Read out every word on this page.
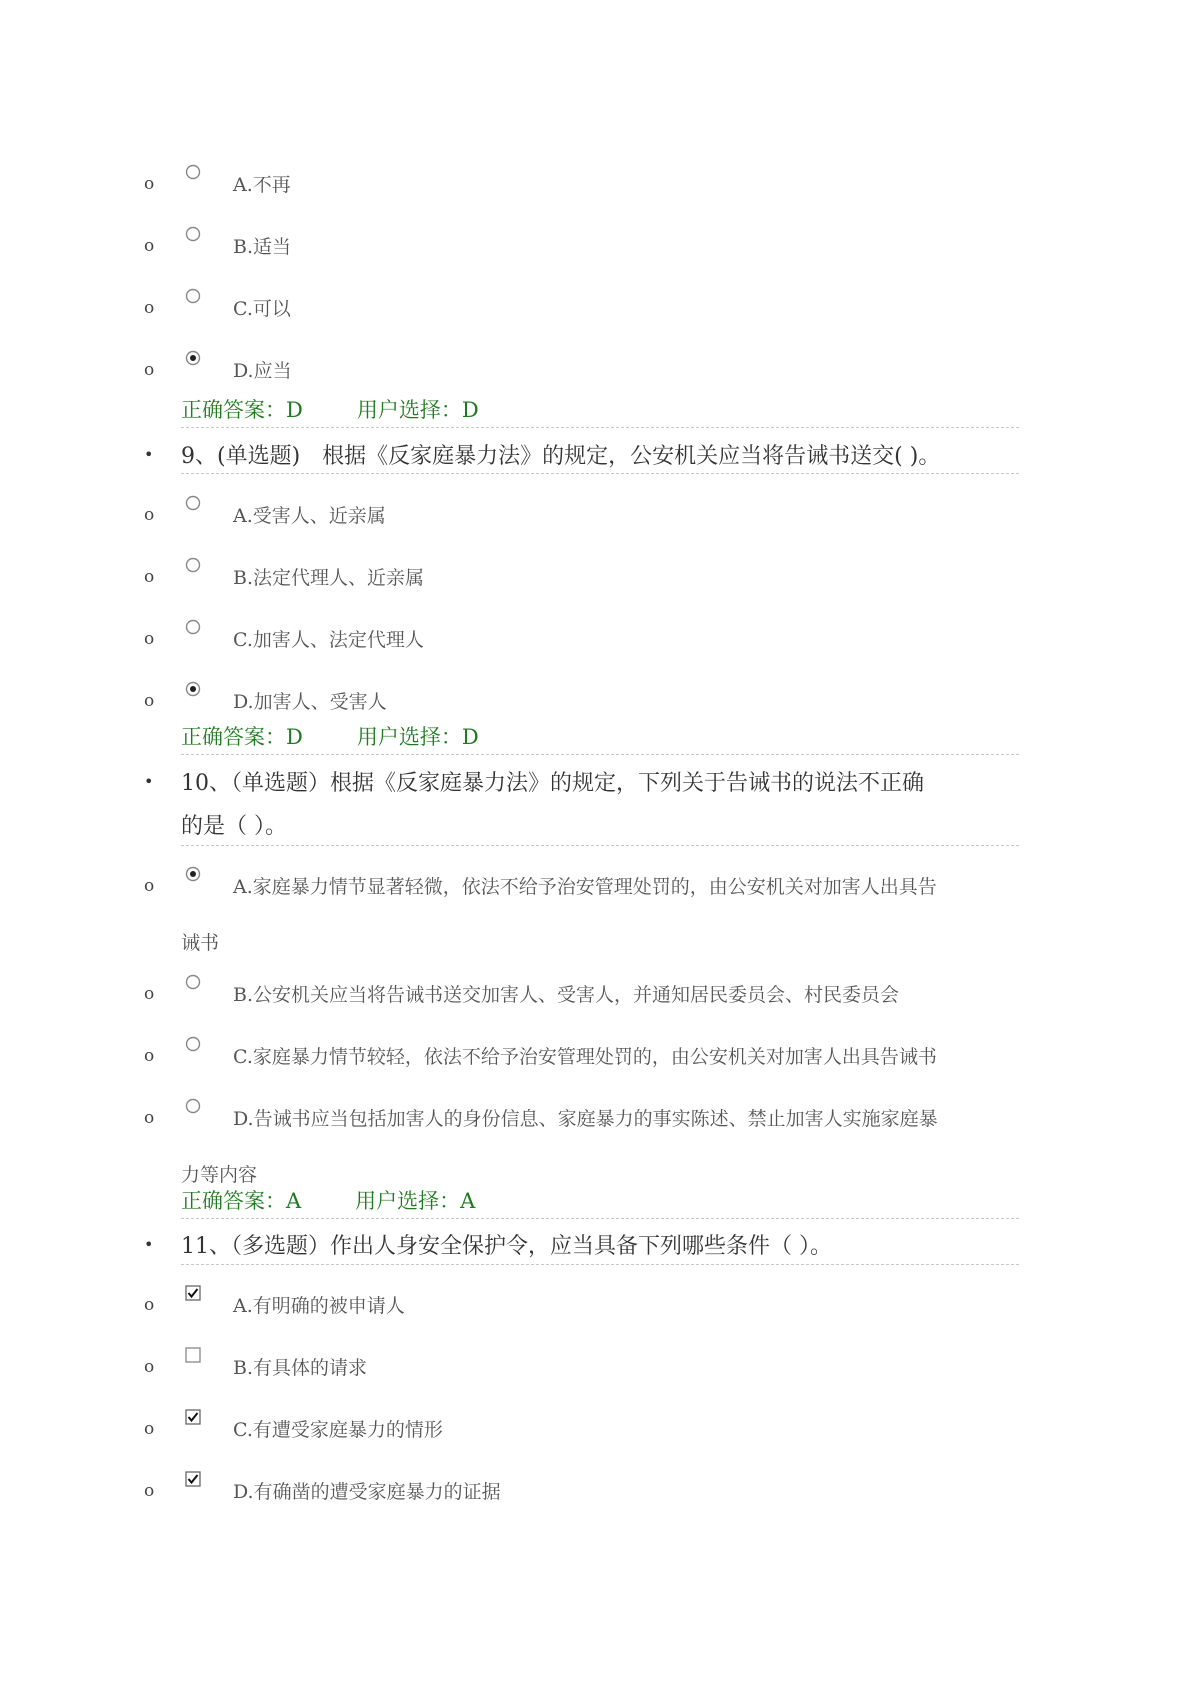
o	A.不再
o	B.适当
o	C.可以
o	D.应当
正确答案：D	用户选择：D
• 9、(单选题)　根据《反家庭暴力法》的规定，公安机关应当将告诫书送交( )。
o	A.受害人、近亲属
o	B.法定代理人、近亲属
o	C.加害人、法定代理人
o	D.加害人、受害人
正确答案：D	用户选择：D
• 10、（单选题）根据《反家庭暴力法》的规定，下列关于告诫书的说法不正确
的是（ ）。
o	A.家庭暴力情节显著轻微，依法不给予治安管理处罚的，由公安机关对加害人出具告
诫书
o	B.公安机关应当将告诫书送交加害人、受害人，并通知居民委员会、村民委员会
o	C.家庭暴力情节较轻，依法不给予治安管理处罚的，由公安机关对加害人出具告诫书
o	D.告诫书应当包括加害人的身份信息、家庭暴力的事实陈述、禁止加害人实施家庭暴
力等内容
正确答案：A	用户选择：A
• 11、（多选题）作出人身安全保护令，应当具备下列哪些条件（ ）。
o	A.有明确的被申请人
o	B.有具体的请求
o	C.有遭受家庭暴力的情形
o	D.有确凿的遭受家庭暴力的证据
